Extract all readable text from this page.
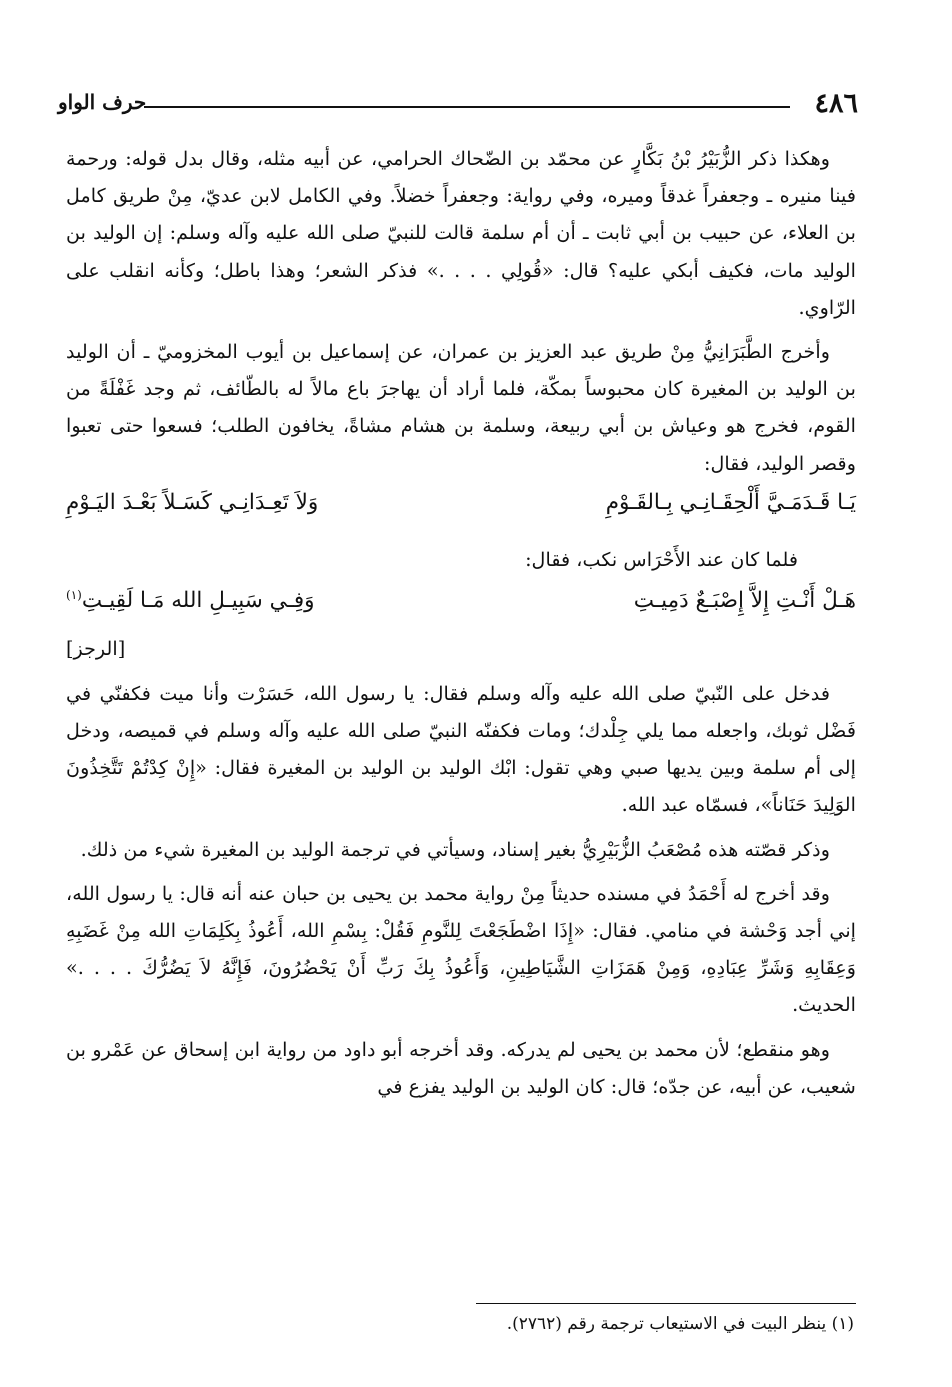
٤٨٦
حرف الواو

وهكذا ذكر الزُّبَيْرُ بْنُ بَكَّارٍ عن محمّد بن الضّحاك الحرامي، عن أبيه مثله، وقال بدل قوله: ورحمة فينا منيره ـ وجعفراً غدقاً وميره، وفي رواية: وجعفراً خضلاً. وفي الكامل لابن عديّ، مِنْ طريق كامل بن العلاء، عن حبيب بن أبي ثابت ـ أن أم سلمة قالت للنبيّ صلى الله عليه وآله وسلم: إن الوليد بن الوليد مات، فكيف أبكي عليه؟ قال: «قُولِي . . . .» فذكر الشعر؛ وهذا باطل؛ وكأنه انقلب على الرّاوي.

وأخرج الطَّبَرَانِيُّ مِنْ طريق عبد العزيز بن عمران، عن إسماعيل بن أيوب المخزوميّ ـ أن الوليد بن الوليد بن المغيرة كان محبوساً بمكّة، فلما أراد أن يهاجرَ باع مالاً له بالطّائف، ثم وجد غَفْلَةً من القوم، فخرج هو وعياش بن أبي ربيعة، وسلمة بن هشام مشاةً، يخافون الطلب؛ فسعوا حتى تعبوا وقصر الوليد، فقال:

يَـا قَـدَمَـيَّ أَلْحِقَـانِـي بِـالقَـوْمِ
وَلاَ تَعِـدَانِـي كَسَـلاً بَعْـدَ اليَـوْمِ

فلما كان عند الأَحْرَاس نكب، فقال:

هَـلْ أَنْـتِ إِلاَّ إِصْبَـعٌ دَمِيـتِ
وَفِـي سَبِيـلِ الله مَـا لَقِيـتِ$^{(١)}$

[الرجز]

فدخل على النّبيّ صلى الله عليه وآله وسلم فقال: يا رسول الله، حَسَرْت وأنا ميت فكفنّي في فَضْل ثوبك، واجعله مما يلي جِلْدك؛ ومات فكفنّه النبيّ صلى الله عليه وآله وسلم في قميصه، ودخل إلى أم سلمة وبين يديها صبي وهي تقول: ابْك الوليد بن الوليد بن المغيرة فقال: «إِنْ كِدْتُمْ تَتَّخِذُونَ الوَلِيدَ حَنَاناً»، فسمّاه عبد الله.

وذكر قصّته هذه مُصْعَبُ الزُّبَيْرِيُّ بغير إسناد، وسيأتي في ترجمة الوليد بن المغيرة شيء من ذلك.

وقد أخرج له أَحْمَدُ في مسنده حديثاً مِنْ رواية محمد بن يحيى بن حبان عنه أنه قال: يا رسول الله، إني أجد وَحْشة في منامي. فقال: «إِذَا اضْطَجَعْتَ لِلنَّومِ فَقُلْ: بِسْمِ الله، أَعُوذُ بِكَلِمَاتِ الله مِنْ غَضَبِهِ وَعِقَابِهِ وَشَرِّ عِبَادِهِ، وَمِنْ هَمَزَاتِ الشَّيَاطِينِ، وَأَعُوذُ بِكَ رَبِّ أَنْ يَحْضُرُونَ، فَإِنَّهُ لاَ يَضُرُّكَ . . . .» الحديث.

وهو منقطع؛ لأن محمد بن يحيى لم يدركه. وقد أخرجه أبو داود من رواية ابن إسحاق عن عَمْرو بن شعيب، عن أبيه، عن جدّه؛ قال: كان الوليد بن الوليد يفزع في

(١) ينظر البيت في الاستيعاب ترجمة رقم (٢٧٦٢).
